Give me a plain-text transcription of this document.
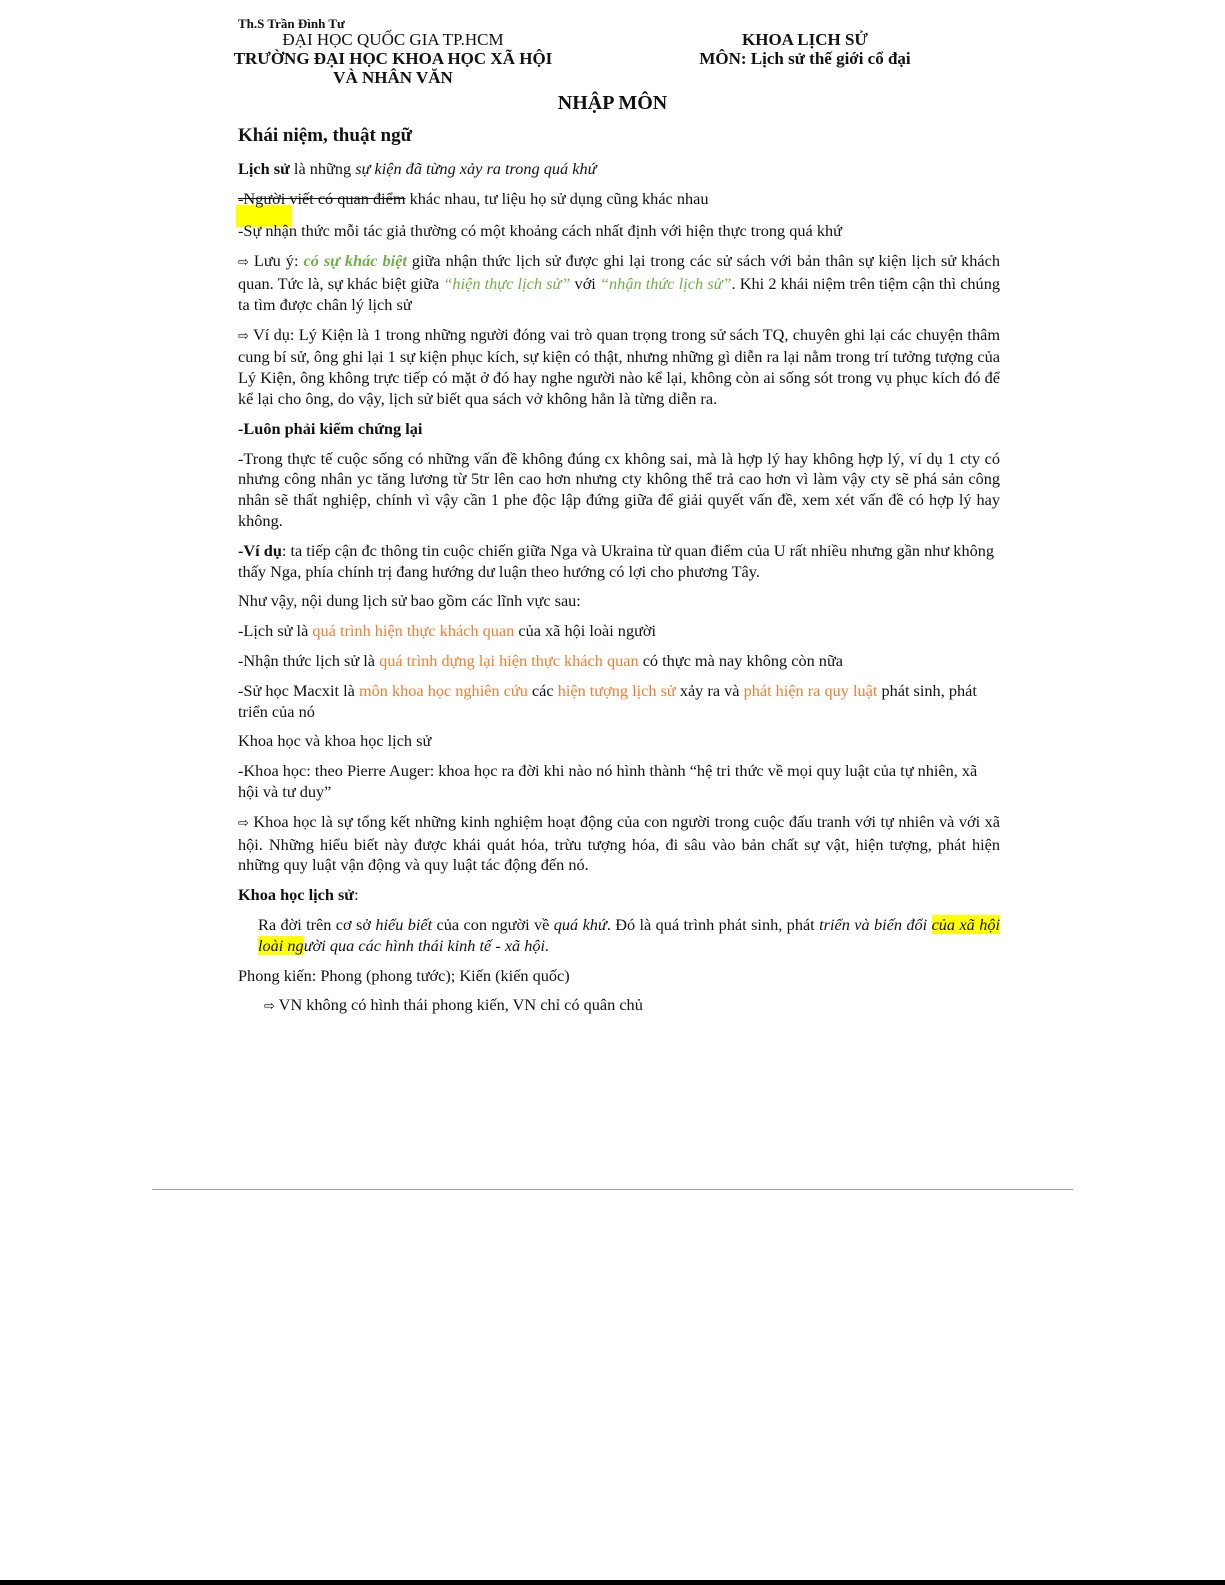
Th.S Trần Đình Tư
ĐẠI HỌC QUỐC GIA TP.HCM
TRƯỜNG ĐẠI HỌC KHOA HỌC XÃ HỘI
VÀ NHÂN VĂN
KHOA LỊCH SỬ
MÔN: Lịch sử thế giới cổ đại
NHẬP MÔN

Khái niệm, thuật ngữ

Lịch sử là những sự kiện đã từng xảy ra trong quá khứ

-Người viết có quan điểm khác nhau, tư liệu họ sử dụng cũng khác nhau

-Sự nhận thức mỗi tác giả thường có một khoảng cách nhất định với hiện thực trong quá khứ

⇨ Lưu ý: có sự khác biệt giữa nhận thức lịch sử được ghi lại trong các sử sách với bản thân sự kiện lịch sử khách quan. Tức là, sự khác biệt giữa “hiện thực lịch sử” với “nhận thức lịch sử”. Khi 2 khái niệm trên tiệm cận thì chúng ta tìm được chân lý lịch sử

⇨ Ví dụ: Lý Kiện là 1 trong những người đóng vai trò quan trọng trong sử sách TQ, chuyên ghi lại các chuyện thâm cung bí sử, ông ghi lại 1 sự kiện phục kích, sự kiện có thật, nhưng những gì diễn ra lại nằm trong trí tưởng tượng của Lý Kiện, ông không trực tiếp có mặt ở đó hay nghe người nào kể lại, không còn ai sống sót trong vụ phục kích đó để kể lại cho ông, do vậy, lịch sử biết qua sách vở không hẳn là từng diễn ra.

-Luôn phải kiểm chứng lại

-Trong thực tế cuộc sống có những vấn đề không đúng cx không sai, mà là hợp lý hay không hợp lý, ví dụ 1 cty có nhưng công nhân yc tăng lương từ 5tr lên cao hơn nhưng cty không thể trả cao hơn vì làm vậy cty sẽ phá sản công nhân sẽ thất nghiệp, chính vì vậy cần 1 phe độc lập đứng giữa để giải quyết vấn đề, xem xét vấn đề có hợp lý hay không.

-Ví dụ: ta tiếp cận đc thông tin cuộc chiến giữa Nga và Ukraina từ quan điểm của U rất nhiều nhưng gần như không thấy Nga, phía chính trị đang hướng dư luận theo hướng có lợi cho phương Tây.

Như vậy, nội dung lịch sử bao gồm các lĩnh vực sau:

-Lịch sử là quá trình hiện thực khách quan của xã hội loài người

-Nhận thức lịch sử là quá trình dựng lại hiện thực khách quan có thực mà nay không còn nữa

-Sử học Macxit là môn khoa học nghiên cứu các hiện tượng lịch sử xảy ra và phát hiện ra quy luật phát sinh, phát triển của nó

Khoa học và khoa học lịch sử

-Khoa học: theo Pierre Auger: khoa học ra đời khi nào nó hình thành “hệ tri thức về mọi quy luật của tự nhiên, xã hội và tư duy”

⇨ Khoa học là sự tổng kết những kinh nghiệm hoạt động của con người trong cuộc đấu tranh với tự nhiên và với xã hội. Những hiểu biết này được khái quát hóa, trừu tượng hóa, đi sâu vào bản chất sự vật, hiện tượng, phát hiện những quy luật vận động và quy luật tác động đến nó.

Khoa học lịch sử:

Ra đời trên cơ sở hiểu biết của con người về quá khứ. Đó là quá trình phát sinh, phát triển và biến đổi của xã hội loài người qua các hình thái kinh tế - xã hội.

Phong kiến: Phong (phong tước); Kiến (kiến quốc)

⇨ VN không có hình thái phong kiến, VN chỉ có quân chủ
